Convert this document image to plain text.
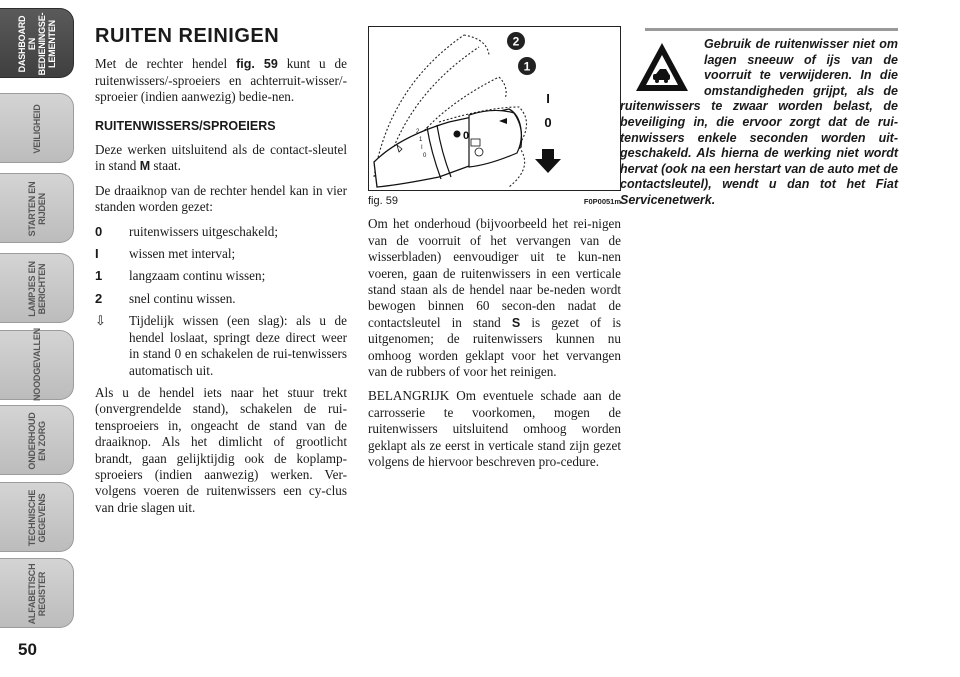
DASHBOARD EN
BEDIENINGSE-
LEMENTEN
VEILIGHEID
STARTEN EN
RIJDEN
LAMPJES EN
BERICHTEN
NOODGEVALLEN
ONDERHOUD
EN ZORG
TECHNISCHE
GEGEVENS
ALFABETISCH
REGISTER
50
RUITEN REINIGEN

Met de rechter hendel fig. 59 kunt u de ruitenwissers/-sproeiers en achterruit-wisser/-sproeier (indien aanwezig) bedie-nen.

RUITENWISSERS/SPROEIERS

Deze werken uitsluitend als de contact-sleutel in stand M staat.

De draaiknop van de rechter hendel kan in vier standen worden gezet:

0	ruitenwissers uitgeschakeld;
I	wissen met interval;
1	langzaam continu wissen;
2	snel continu wissen.
⇩	Tijdelijk wissen (een slag): als u de hendel loslaat, springt deze direct weer in stand 0 en schakelen de rui-tenwissers automatisch uit.

Als u de hendel iets naar het stuur trekt (onvergrendelde stand), schakelen de rui-tensproeiers in, ongeacht de stand van de draaiknop. Als het dimlicht of grootlicht brandt, gaan gelijktijdig ook de koplamp-sproeiers (indien aanwezig) werken. Ver-volgens voeren de ruitenwissers een cy-clus van drie slagen uit.

0
2
1
I
0
2
1
I
0
fig. 59	F0P0051m

Om het onderhoud (bijvoorbeeld het rei-nigen van de voorruit of het vervangen van de wisserbladen) eenvoudiger uit te kun-nen voeren, gaan de ruitenwissers in een verticale stand staan als de hendel naar be-neden wordt bewogen binnen 60 secon-den nadat de contactsleutel in stand S is gezet of is uitgenomen; de ruitenwissers kunnen nu omhoog worden geklapt voor het vervangen van de rubbers of voor het reinigen.

BELANGRIJK Om eventuele schade aan de carrosserie te voorkomen, mogen de ruitenwissers uitsluitend omhoog worden geklapt als ze eerst in verticale stand zijn gezet volgens de hiervoor beschreven pro-cedure.

Gebruik de ruitenwisser niet om lagen sneeuw of ijs van de voorruit te verwijderen. In die omstandigheden grijpt, als de ruitenwissers te zwaar worden belast, de beveiliging in, die ervoor zorgt dat de rui-tenwissers enkele seconden worden uit-geschakeld. Als hierna de werking niet wordt hervat (ook na een herstart van de auto met de contactsleutel), wendt u dan tot het Fiat Servicenetwerk.
